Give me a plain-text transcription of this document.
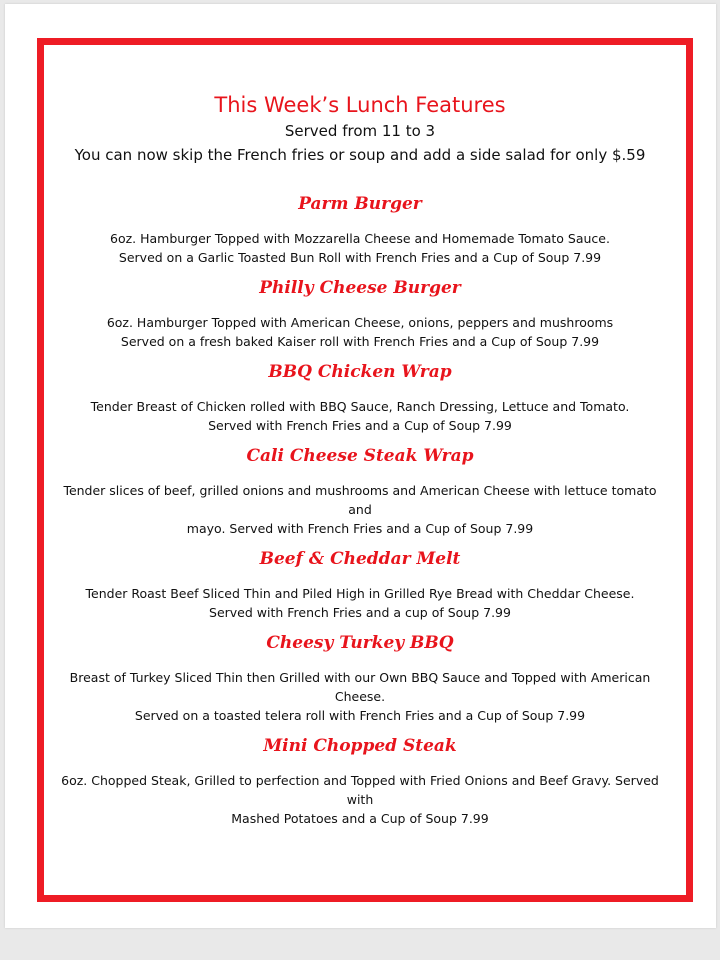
This Week’s Lunch Features

Served from 11 to 3

You can now skip the French fries or soup and add a side salad for only $.59

Parm Burger

6oz. Hamburger Topped with Mozzarella Cheese and Homemade Tomato Sauce.
Served on a Garlic Toasted Bun Roll with French Fries and a Cup of Soup 7.99

Philly Cheese Burger

6oz. Hamburger Topped with American Cheese, onions, peppers and mushrooms
Served on a fresh baked Kaiser roll with French Fries and a Cup of Soup 7.99

BBQ Chicken Wrap

Tender Breast of Chicken rolled with BBQ Sauce, Ranch Dressing, Lettuce and Tomato.
Served with French Fries and a Cup of Soup 7.99

Cali Cheese Steak Wrap

Tender slices of beef, grilled onions and mushrooms and American Cheese with lettuce tomato and
mayo. Served with French Fries and a Cup of Soup 7.99

Beef & Cheddar Melt

Tender Roast Beef Sliced Thin and Piled High in Grilled Rye Bread with Cheddar Cheese.
Served with French Fries and a cup of Soup 7.99

Cheesy Turkey BBQ

Breast of Turkey Sliced Thin then Grilled with our Own BBQ Sauce and Topped with American Cheese.
Served on a toasted telera roll with French Fries and a Cup of Soup 7.99

Mini Chopped Steak

6oz. Chopped Steak, Grilled to perfection and Topped with Fried Onions and Beef Gravy. Served with
Mashed Potatoes and a Cup of Soup 7.99
